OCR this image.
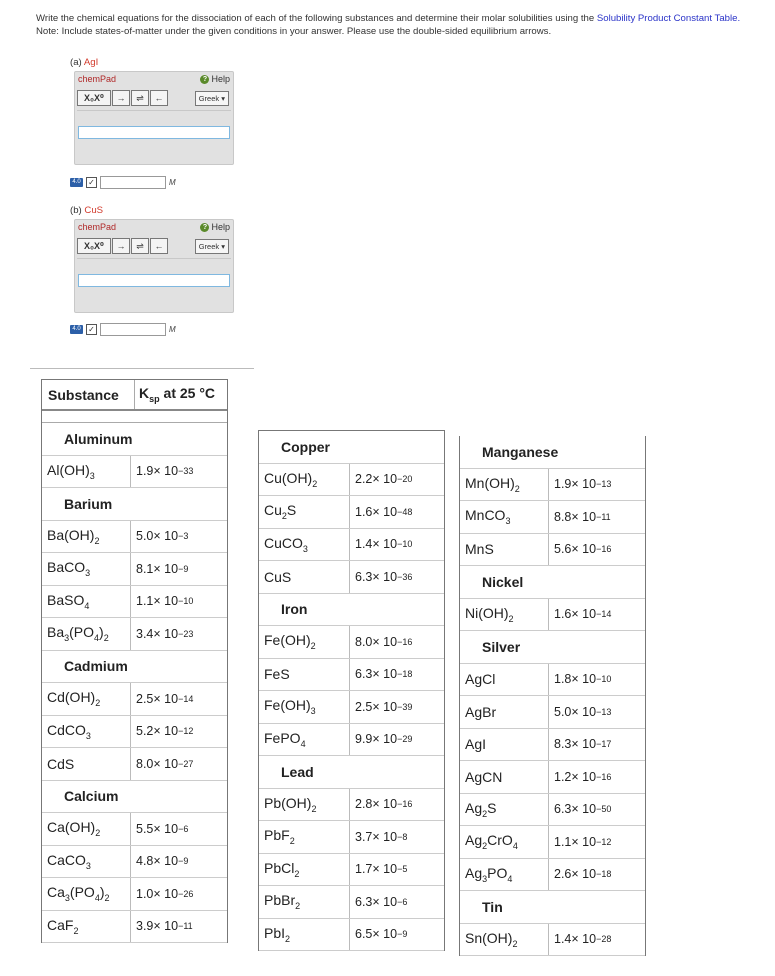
Write the chemical equations for the dissociation of each of the following substances and determine their molar solubilities using the Solubility Product Constant Table.
Note: Include states-of-matter under the given conditions in your answer. Please use the double-sided equilibrium arrows.
(a) AgI
chemPad	? Help
X₀X⁰	→	⇌	←	Greek ▾
4.0 ✓	M
(b) CuS
chemPad	? Help
X₀X⁰	→	⇌	←	Greek ▾
4.0 ✓	M
Substance	$K_{sp}$ at 25 °C
Aluminum
$Al(OH)_3$	1.9 × 10 −33
Barium
$Ba(OH)_2$	5.0 × 10 −3
BaCO$_3$	8.1 × 10 −9
BaSO$_4$	1.1 × 10 −10
$Ba_3(PO_4)_2$	3.4 × 10 −23
Cadmium
$Cd(OH)_2$	2.5 × 10 −14
CdCO$_3$	5.2 × 10 −12
CdS	8.0 × 10 −27
Calcium
$Ca(OH)_2$	5.5 × 10 −6
CaCO$_3$	4.8 × 10 −9
$Ca_3(PO_4)_2$	1.0 × 10 −26
CaF$_2$	3.9 × 10 −11
Copper
$Cu(OH)_2$	2.2 × 10 −20
$Cu_2S$	1.6 × 10 −48
CuCO$_3$	1.4 × 10 −10
CuS	6.3 × 10 −36
Iron
$Fe(OH)_2$	8.0 × 10 −16
FeS	6.3 × 10 −18
$Fe(OH)_3$	2.5 × 10 −39
FePO$_4$	9.9 × 10 −29
Lead
$Pb(OH)_2$	2.8 × 10 −16
PbF$_2$	3.7 × 10 −8
PbCl$_2$	1.7 × 10 −5
PbBr$_2$	6.3 × 10 −6
PbI$_2$	6.5 × 10 −9
Manganese
$Mn(OH)_2$	1.9 × 10 −13
MnCO$_3$	8.8 × 10 −11
MnS	5.6 × 10 −16
Nickel
$Ni(OH)_2$	1.6 × 10 −14
Silver
AgCl	1.8 × 10 −10
AgBr	5.0 × 10 −13
AgI	8.3 × 10 −17
AgCN	1.2 × 10 −16
$Ag_2S$	6.3 × 10 −50
$Ag_2CrO_4$	1.1 × 10 −12
$Ag_3PO_4$	2.6 × 10 −18
Tin
$Sn(OH)_2$	1.4 × 10 −28
